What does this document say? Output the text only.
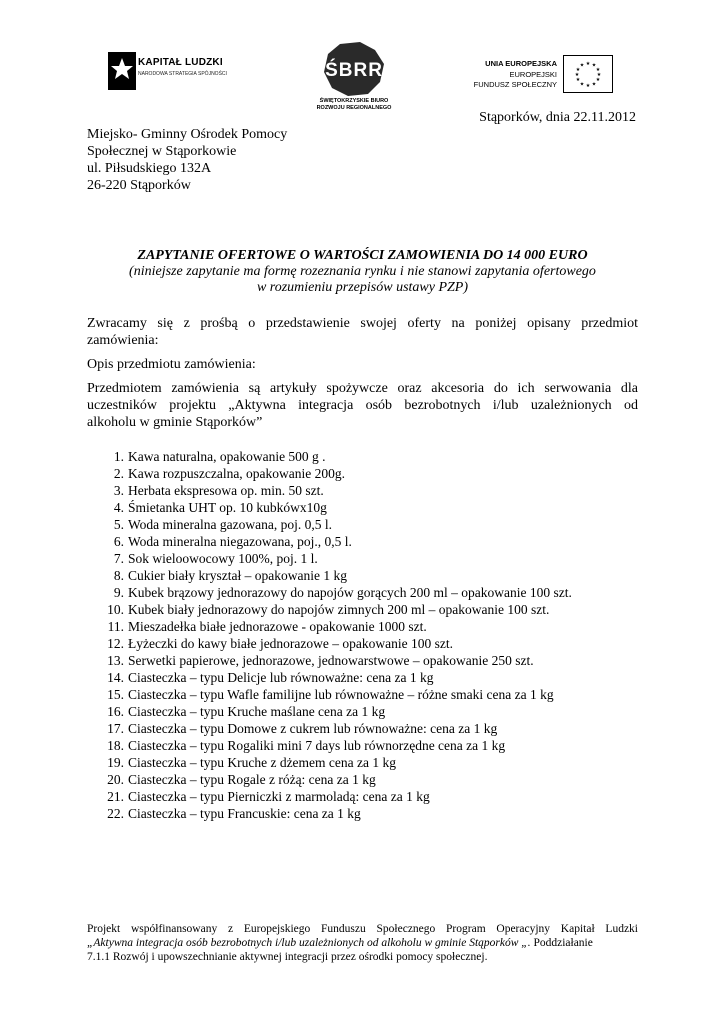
KAPITAŁ LUDZKI
NARODOWA STRATEGIA SPÓJNOŚCI	ŚBRR
ŚWIĘTOKRZYSKIE BIURO
ROZWOJU REGIONALNEGO
UNIA EUROPEJSKA
EUROPEJSKI
FUNDUSZ SPOŁECZNY
★ ★
★
★
★
★
★
★
★
★
★
★
Stąporków, dnia 22.11.2012
Miejsko- Gminny Ośrodek Pomocy
Społecznej w Stąporkowie
ul. Piłsudskiego 132A
26-220 Stąporków
ZAPYTANIE OFERTOWE O WARTOŚCI ZAMOWIENIA DO 14 000 EURO
(niniejsze zapytanie ma formę rozeznania rynku i nie stanowi zapytania ofertowego
w rozumieniu przepisów ustawy PZP)
Zwracamy się z prośbą o przedstawienie swojej oferty na poniżej opisany przedmiot
zamówienia:
Opis przedmiotu zamówienia:
Przedmiotem zamówienia są artykuły spożywcze oraz akcesoria do ich serwowania dla
uczestników projektu „Aktywna integracja osób bezrobotnych i/lub uzależnionych od
alkoholu w gminie Stąporków”
1. Kawa naturalna, opakowanie 500 g .
2. Kawa rozpuszczalna, opakowanie 200g.
3. Herbata ekspresowa op. min. 50 szt.
4. Śmietanka UHT op. 10 kubkówx10g
5. Woda mineralna gazowana, poj. 0,5 l.
6. Woda mineralna niegazowana, poj., 0,5 l.
7. Sok wieloowocowy 100%, poj. 1 l.
8. Cukier biały kryształ – opakowanie 1 kg
9. Kubek brązowy jednorazowy do napojów gorących 200 ml – opakowanie 100 szt.
10. Kubek biały jednorazowy do napojów zimnych 200 ml – opakowanie 100 szt.
11. Mieszadełka białe jednorazowe - opakowanie 1000 szt.
12. Łyżeczki do kawy białe jednorazowe – opakowanie 100 szt.
13. Serwetki papierowe, jednorazowe, jednowarstwowe – opakowanie 250 szt.
14. Ciasteczka – typu Delicje lub równoważne: cena za 1 kg
15. Ciasteczka – typu Wafle familijne lub równoważne – różne smaki cena za 1 kg
16. Ciasteczka – typu Kruche maślane cena za 1 kg
17. Ciasteczka – typu Domowe z cukrem lub równoważne: cena za 1 kg
18. Ciasteczka – typu Rogaliki mini 7 days lub równorzędne cena za 1 kg
19. Ciasteczka – typu Kruche z dżemem cena za 1 kg
20. Ciasteczka – typu Rogale z różą: cena za 1 kg
21. Ciasteczka – typu Pierniczki z marmoladą: cena za 1 kg
22. Ciasteczka – typu Francuskie: cena za 1 kg
Projekt współfinansowany z Europejskiego Funduszu Społecznego Program Operacyjny Kapitał Ludzki
„Aktywna integracja osób bezrobotnych i/lub uzależnionych od alkoholu w gminie Stąporków „. Poddziałanie
7.1.1 Rozwój i upowszechnianie aktywnej integracji przez ośrodki pomocy społecznej.
